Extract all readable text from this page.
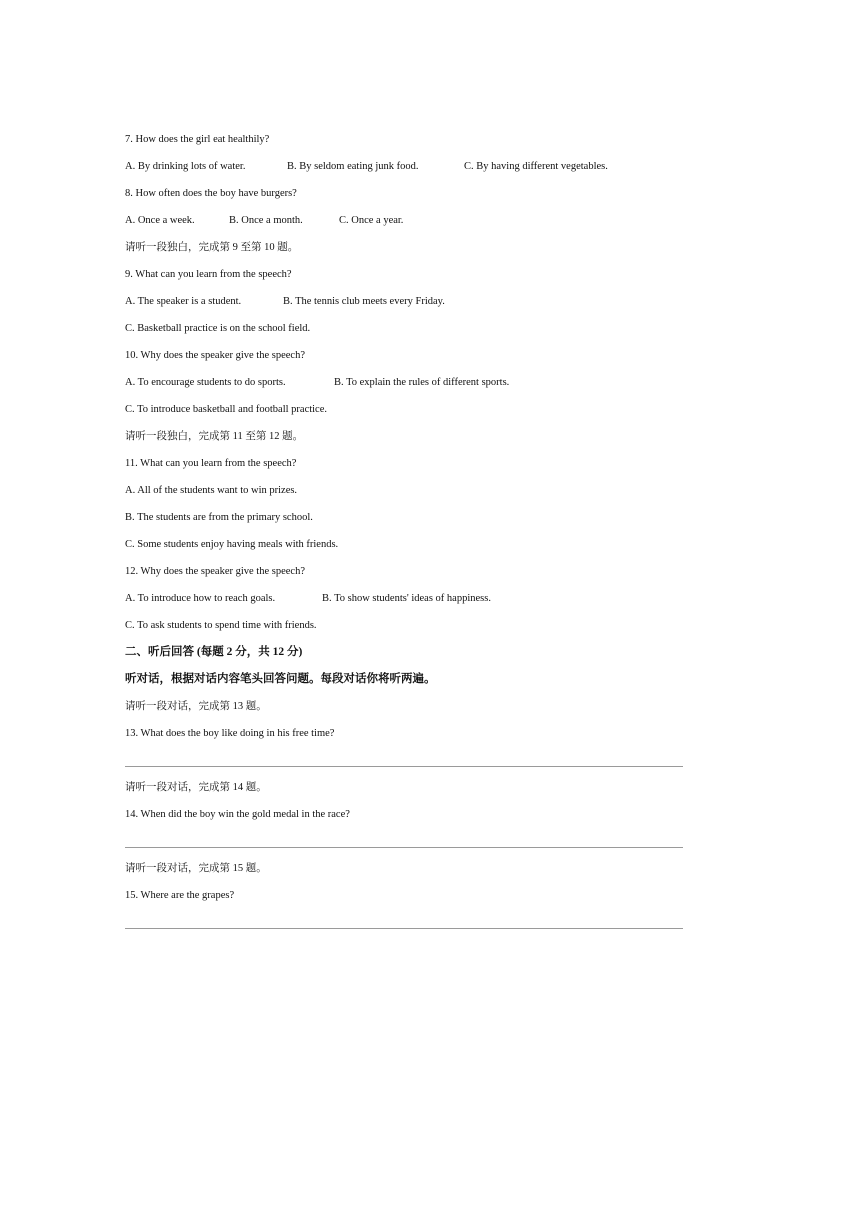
7. How does the girl eat healthily?
A. By drinking lots of water.	B. By seldom eating junk food.	C. By having different vegetables.
8. How often does the boy have burgers?
A. Once a week.	B. Once a month.	C. Once a year.
请听一段独白，完成第 9 至第 10 题。
9. What can you learn from the speech?
A. The speaker is a student.	B. The tennis club meets every Friday.
C. Basketball practice is on the school field.
10. Why does the speaker give the speech?
A. To encourage students to do sports.	B. To explain the rules of different sports.
C. To introduce basketball and football practice.
请听一段独白，完成第 11 至第 12 题。
11. What can you learn from the speech?
A. All of the students want to win prizes.
B. The students are from the primary school.
C. Some students enjoy having meals with friends.
12. Why does the speaker give the speech?
A. To introduce how to reach goals.	B. To show students' ideas of happiness.
C. To ask students to spend time with friends.
二、听后回答 (每题 2 分，共 12 分)
听对话，根据对话内容笔头回答问题。每段对话你将听两遍。
请听一段对话，完成第 13 题。
13. What does the boy like doing in his free time?
请听一段对话，完成第 14 题。
14. When did the boy win the gold medal in the race?
请听一段对话，完成第 15 题。
15. Where are the grapes?
